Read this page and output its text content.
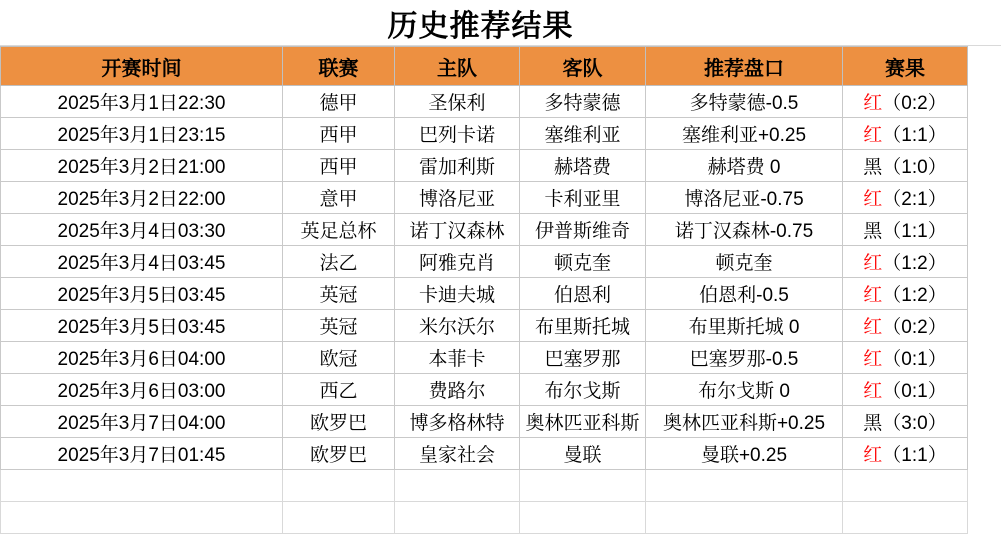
历史推荐结果
开赛时间	联赛	主队	客队	推荐盘口	赛果
2025年3月1日22:30	德甲	圣保利	多特蒙德	多特蒙德-0.5	红（0:2）
2025年3月1日23:15	西甲	巴列卡诺	塞维利亚	塞维利亚+0.25	红（1:1）
2025年3月2日21:00	西甲	雷加利斯	赫塔费	赫塔费 0	黑（1:0）
2025年3月2日22:00	意甲	博洛尼亚	卡利亚里	博洛尼亚-0.75	红（2:1）
2025年3月4日03:30	英足总杯	诺丁汉森林	伊普斯维奇	诺丁汉森林-0.75	黑（1:1）
2025年3月4日03:45	法乙	阿雅克肖	顿克奎	顿克奎	红（1:2）
2025年3月5日03:45	英冠	卡迪夫城	伯恩利	伯恩利-0.5	红（1:2）
2025年3月5日03:45	英冠	米尔沃尔	布里斯托城	布里斯托城 0	红（0:2）
2025年3月6日04:00	欧冠	本菲卡	巴塞罗那	巴塞罗那-0.5	红（0:1）
2025年3月6日03:00	西乙	费路尔	布尔戈斯	布尔戈斯 0	红（0:1）
2025年3月7日04:00	欧罗巴	博多格林特	奥林匹亚科斯	奥林匹亚科斯+0.25	黑（3:0）
2025年3月7日01:45	欧罗巴	皇家社会	曼联	曼联+0.25	红（1:1）
